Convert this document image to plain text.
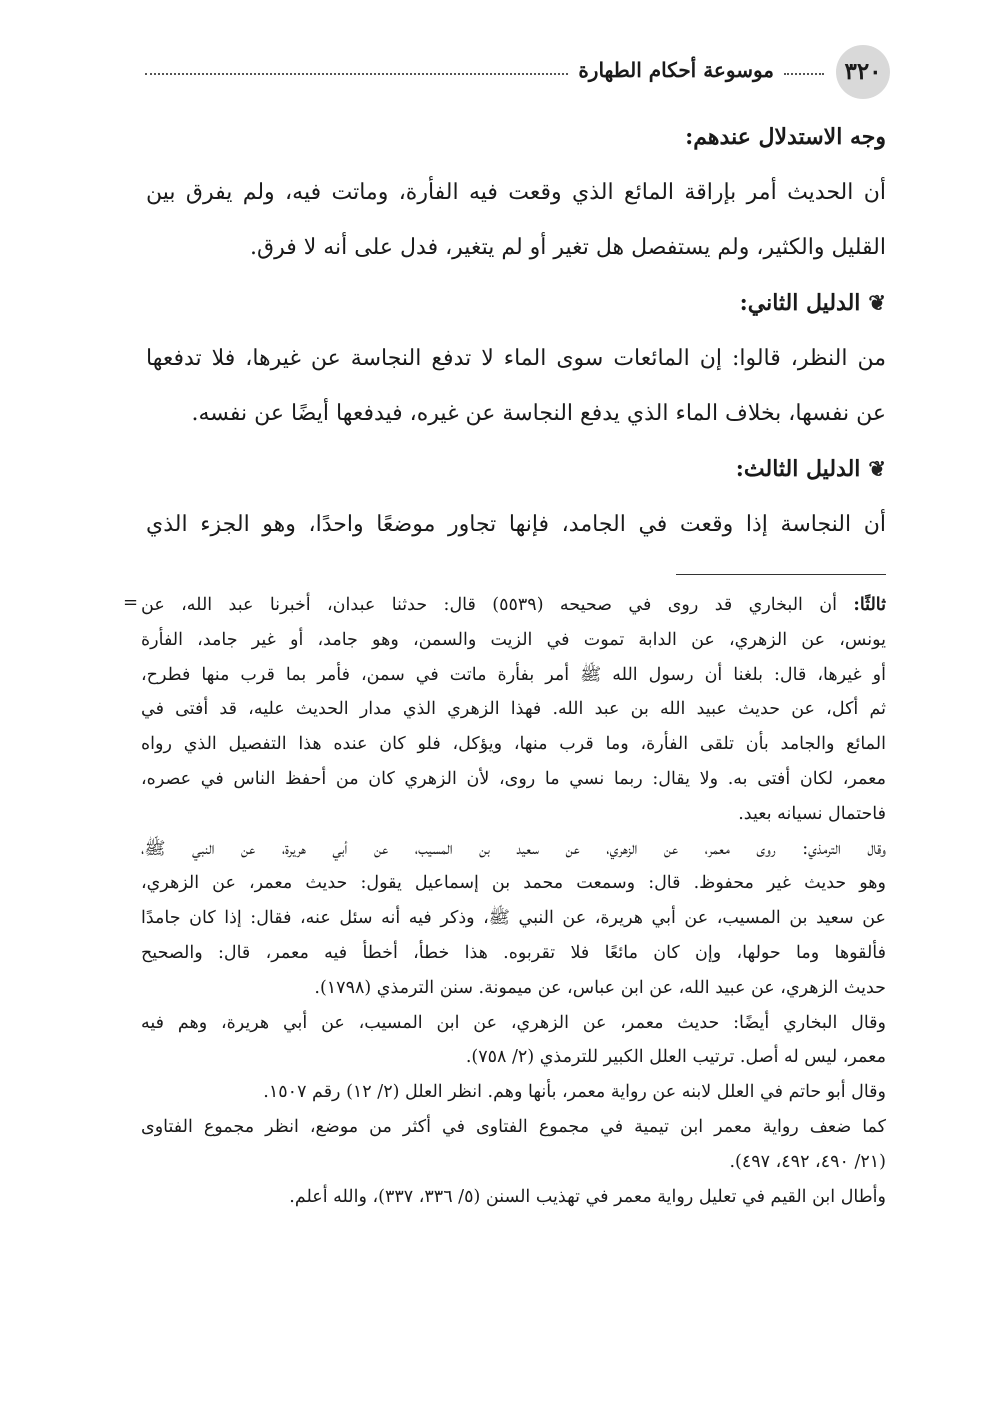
٣٢٠
موسوعة أحكام الطهارة

وجه الاستدلال عندهم:

أن الحديث أمر بإراقة المائع الذي وقعت فيه الفأرة، وماتت فيه، ولم يفرق بين

القليل والكثير، ولم يستفصل هل تغير أو لم يتغير، فدل على أنه لا فرق.

❦الدليل الثاني:

من النظر، قالوا: إن المائعات سوى الماء لا تدفع النجاسة عن غيرها، فلا تدفعها

عن نفسها، بخلاف الماء الذي يدفع النجاسة عن غيره، فيدفعها أيضًا عن نفسه.

❦الدليل الثالث:

أن النجاسة إذا وقعت في الجامد، فإنها تجاور موضعًا واحدًا، وهو الجزء الذي

=	ثالثًا: أن البخاري قد روى في صحيحه (٥٥٣٩) قال: حدثنا عبدان، أخبرنا عبد الله، عن

يونس، عن الزهري، عن الدابة تموت في الزيت والسمن، وهو جامد، أو غير جامد، الفأرة

أو غيرها، قال: بلغنا أن رسول الله ﷺ أمر بفأرة ماتت في سمن، فأمر بما قرب منها فطرح،

ثم أكل، عن حديث عبيد الله بن عبد الله. فهذا الزهري الذي مدار الحديث عليه، قد أفتى في

المائع والجامد بأن تلقى الفأرة، وما قرب منها، ويؤكل، فلو كان عنده هذا التفصيل الذي رواه

معمر، لكان أفتى به. ولا يقال: ربما نسي ما روى، لأن الزهري كان من أحفظ الناس في عصره،

فاحتمال نسيانه بعيد.

وقال الترمذي: روى معمر، عن الزهري، عن سعيد بن المسيب، عن أبي هريرة، عن النبي ﷺ،

وهو حديث غير محفوظ. قال: وسمعت محمد بن إسماعيل يقول: حديث معمر، عن الزهري،

عن سعيد بن المسيب، عن أبي هريرة، عن النبي ﷺ، وذكر فيه أنه سئل عنه، فقال: إذا كان جامدًا

فألقوها وما حولها، وإن كان مائعًا فلا تقربوه. هذا خطأ، أخطأ فيه معمر، قال: والصحيح

حديث الزهري، عن عبيد الله، عن ابن عباس، عن ميمونة. سنن الترمذي (١٧٩٨).

وقال البخاري أيضًا: حديث معمر، عن الزهري، عن ابن المسيب، عن أبي هريرة، وهم فيه

معمر، ليس له أصل. ترتيب العلل الكبير للترمذي (٢/ ٧٥٨).

وقال أبو حاتم في العلل لابنه عن رواية معمر، بأنها وهم. انظر العلل (٢/ ١٢) رقم ١٥٠٧.

كما ضعف رواية معمر ابن تيمية في مجموع الفتاوى في أكثر من موضع، انظر مجموع الفتاوى

(٢١/ ٤٩٠، ٤٩٢، ٤٩٧).

وأطال ابن القيم في تعليل رواية معمر في تهذيب السنن (٥/ ٣٣٦، ٣٣٧)، والله أعلم.
